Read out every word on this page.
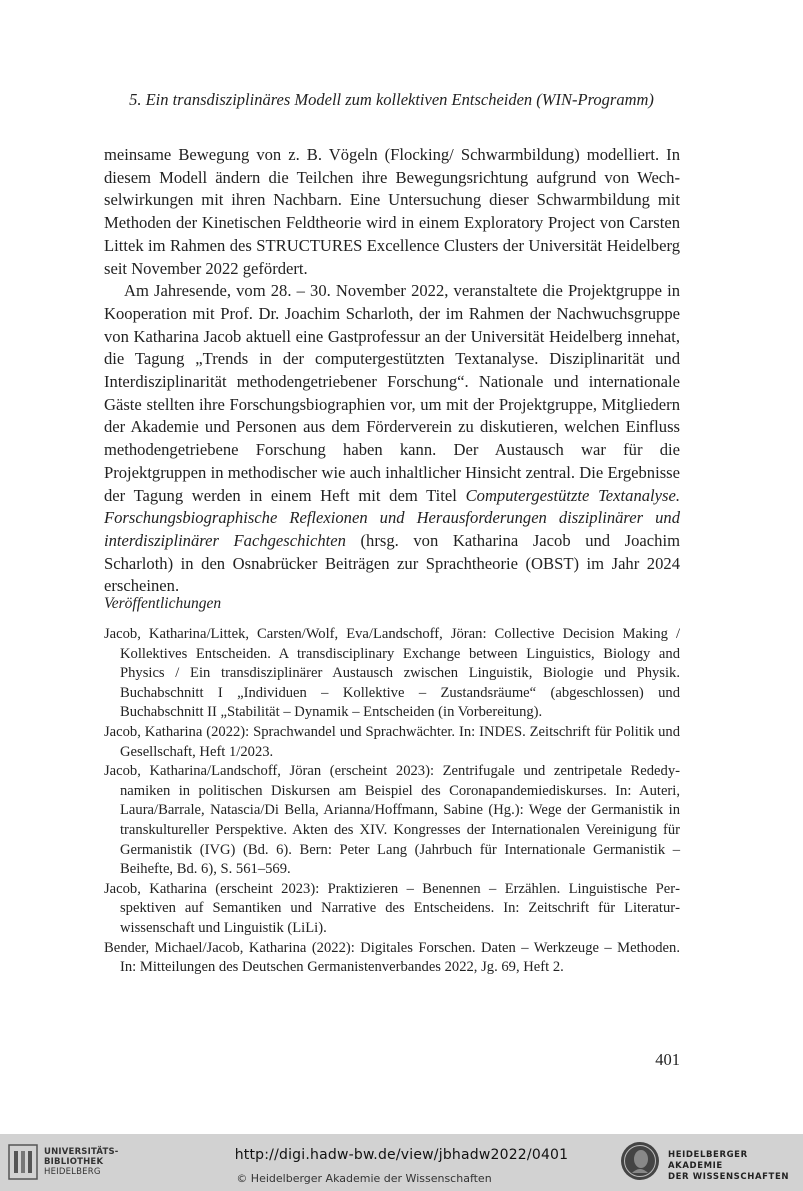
5. Ein transdisziplinäres Modell zum kollektiven Entscheiden (WIN-Programm)

meinsame Bewegung von z. B. Vögeln (Flocking/ Schwarmbildung) modelliert. In diesem Modell ändern die Teilchen ihre Bewegungsrichtung aufgrund von Wechselwirkungen mit ihren Nachbarn. Eine Untersuchung dieser Schwarmbildung mit Methoden der Kinetischen Feldtheorie wird in einem Exploratory Project von Carsten Littek im Rahmen des STRUCTURES Excellence Clusters der Universität Heidelberg seit November 2022 gefördert.

Am Jahresende, vom 28. – 30. November 2022, veranstaltete die Projektgruppe in Kooperation mit Prof. Dr. Joachim Scharloth, der im Rahmen der Nachwuchsgruppe von Katharina Jacob aktuell eine Gastprofessur an der Universität Heidelberg innehat, die Tagung „Trends in der computergestützten Textanalyse. Disziplinarität und Interdisziplinarität methodengetriebener Forschung“. Nationale und internationale Gäste stellten ihre Forschungsbiographien vor, um mit der Projektgruppe, Mitgliedern der Akademie und Personen aus dem Förderverein zu diskutieren, welchen Einfluss methodengetriebene Forschung haben kann. Der Austausch war für die Projektgruppen in methodischer wie auch inhaltlicher Hinsicht zentral. Die Ergebnisse der Tagung werden in einem Heft mit dem Titel Computergestützte Textanalyse. Forschungsbiographische Reflexionen und Herausforderungen disziplinärer und interdisziplinärer Fachgeschichten (hrsg. von Katharina Jacob und Joachim Scharloth) in den Osnabrücker Beiträgen zur Sprachtheorie (OBST) im Jahr 2024 erscheinen.

Veröffentlichungen

Jacob, Katharina/Littek, Carsten/Wolf, Eva/Landschoff, Jöran: Collective Decision Making / Kollektives Entscheiden. A transdisciplinary Exchange between Linguistics, Biology and Physics / Ein transdisziplinärer Austausch zwischen Linguistik, Biologie und Physik. Buchabschnitt I „Individuen – Kollektive – Zustandsräume“ (abgeschlossen) und Buchabschnitt II „Stabilität – Dynamik – Entscheiden (in Vorbereitung).

Jacob, Katharina (2022): Sprachwandel und Sprachwächter. In: INDES. Zeitschrift für Politik und Gesellschaft, Heft 1/2023.

Jacob, Katharina/Landschoff, Jöran (erscheint 2023): Zentrifugale und zentripetale Rededynamiken in politischen Diskursen am Beispiel des Coronapandemiediskurses. In: Auteri, Laura/Barrale, Natascia/Di Bella, Arianna/Hoffmann, Sabine (Hg.): Wege der Germanistik in transkultureller Perspektive. Akten des XIV. Kongresses der Internationalen Vereinigung für Germanistik (IVG) (Bd. 6). Bern: Peter Lang (Jahrbuch für Internationale Germanistik – Beihefte, Bd. 6), S. 561–569.

Jacob, Katharina (erscheint 2023): Praktizieren – Benennen – Erzählen. Linguistische Perspektiven auf Semantiken und Narrative des Entscheidens. In: Zeitschrift für Literaturwissenschaft und Linguistik (LiLi).

Bender, Michael/Jacob, Katharina (2022): Digitales Forschen. Daten – Werkzeuge – Methoden. In: Mitteilungen des Deutschen Germanistenverbandes 2022, Jg. 69, Heft 2.

401
UNIVERSITÄTS-
BIBLIOTHEK
HEIDELBERG
http://digi.hadw-bw.de/view/jbhadw2022/0401
© Heidelberger Akademie der Wissenschaften
HEIDELBERGER AKADEMIE
DER WISSENSCHAFTEN
